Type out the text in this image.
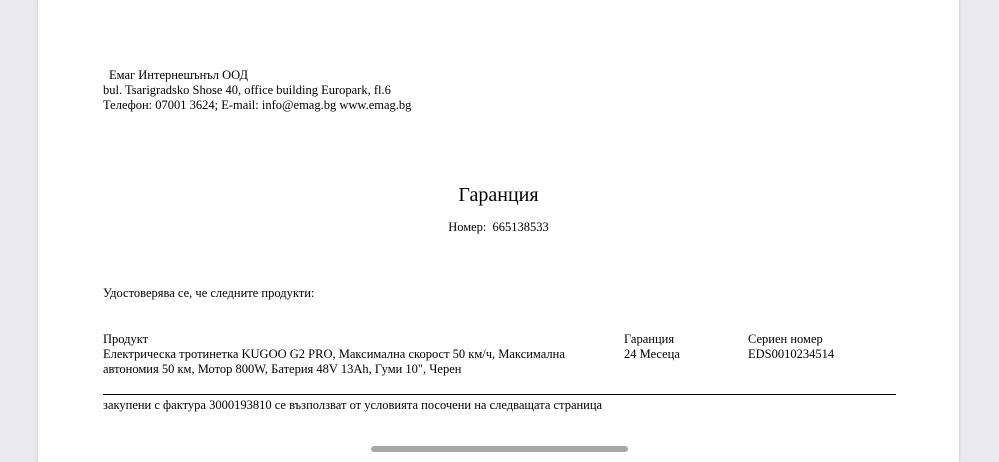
Емаг Интернешънъл ООД
bul. Tsarigradsko Shose 40, office building Europark, fl.6
Телефон: 07001 3624; E-mail: info@emag.bg www.emag.bg
Гаранция
Номер: 665138533
Удостоверява се, че следните продукти:
Продукт
Електрическа тротинетка KUGOO G2 PRO, Максимална скорост 50 км/ч, Максимална автономия 50 км, Мотор 800W, Батерия 48V 13Ah, Гуми 10", Черен
Гаранция
24 Месеца
Сериен номер
EDS0010234514
закупени с фактура 3000193810 се възползват от условията посочени на следващата страница
